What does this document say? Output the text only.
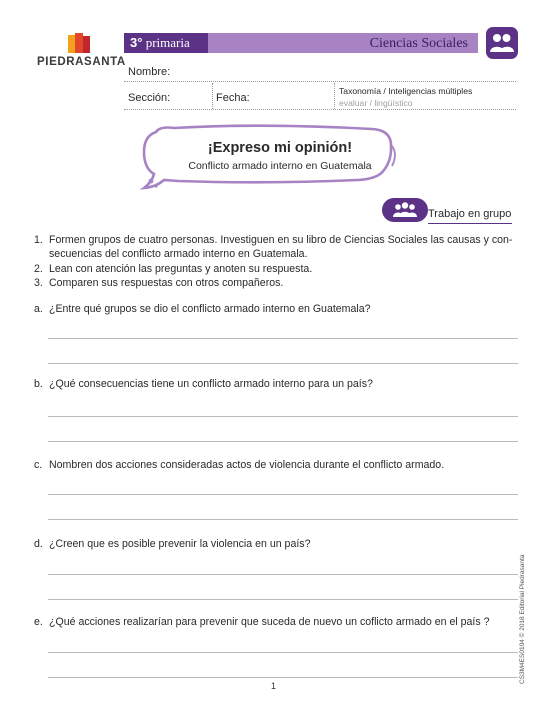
PIEDRASANTA
3° primaria	Ciencias Sociales
Nombre:
Sección:	Fecha:
Taxonomía / Inteligencias múltiples
evaluar / lingüístico
¡Expreso mi opinión!
Conflicto armado interno en Guatemala
Trabajo en grupo
1. Formen grupos de cuatro personas. Investiguen en su libro de Ciencias Sociales las causas y con-
secuencias del conflicto armado interno en Guatemala.
2. Lean con atención las preguntas y anoten su respuesta.
3. Comparen sus respuestas con otros compañeros.
a. ¿Entre qué grupos se dio el conflicto armado interno en Guatemala?
b. ¿Qué consecuencias tiene un conflicto armado interno para un país?
c. Nombren dos acciones consideradas actos de violencia durante el conflicto armado.
d. ¿Creen que es posible prevenir la violencia en un país?
e. ¿Qué acciones realizarían para prevenir que suceda de nuevo un coflicto armado en el país ?
1
CS3M4ES0104 © 2018 Editorial Piedrasanta
